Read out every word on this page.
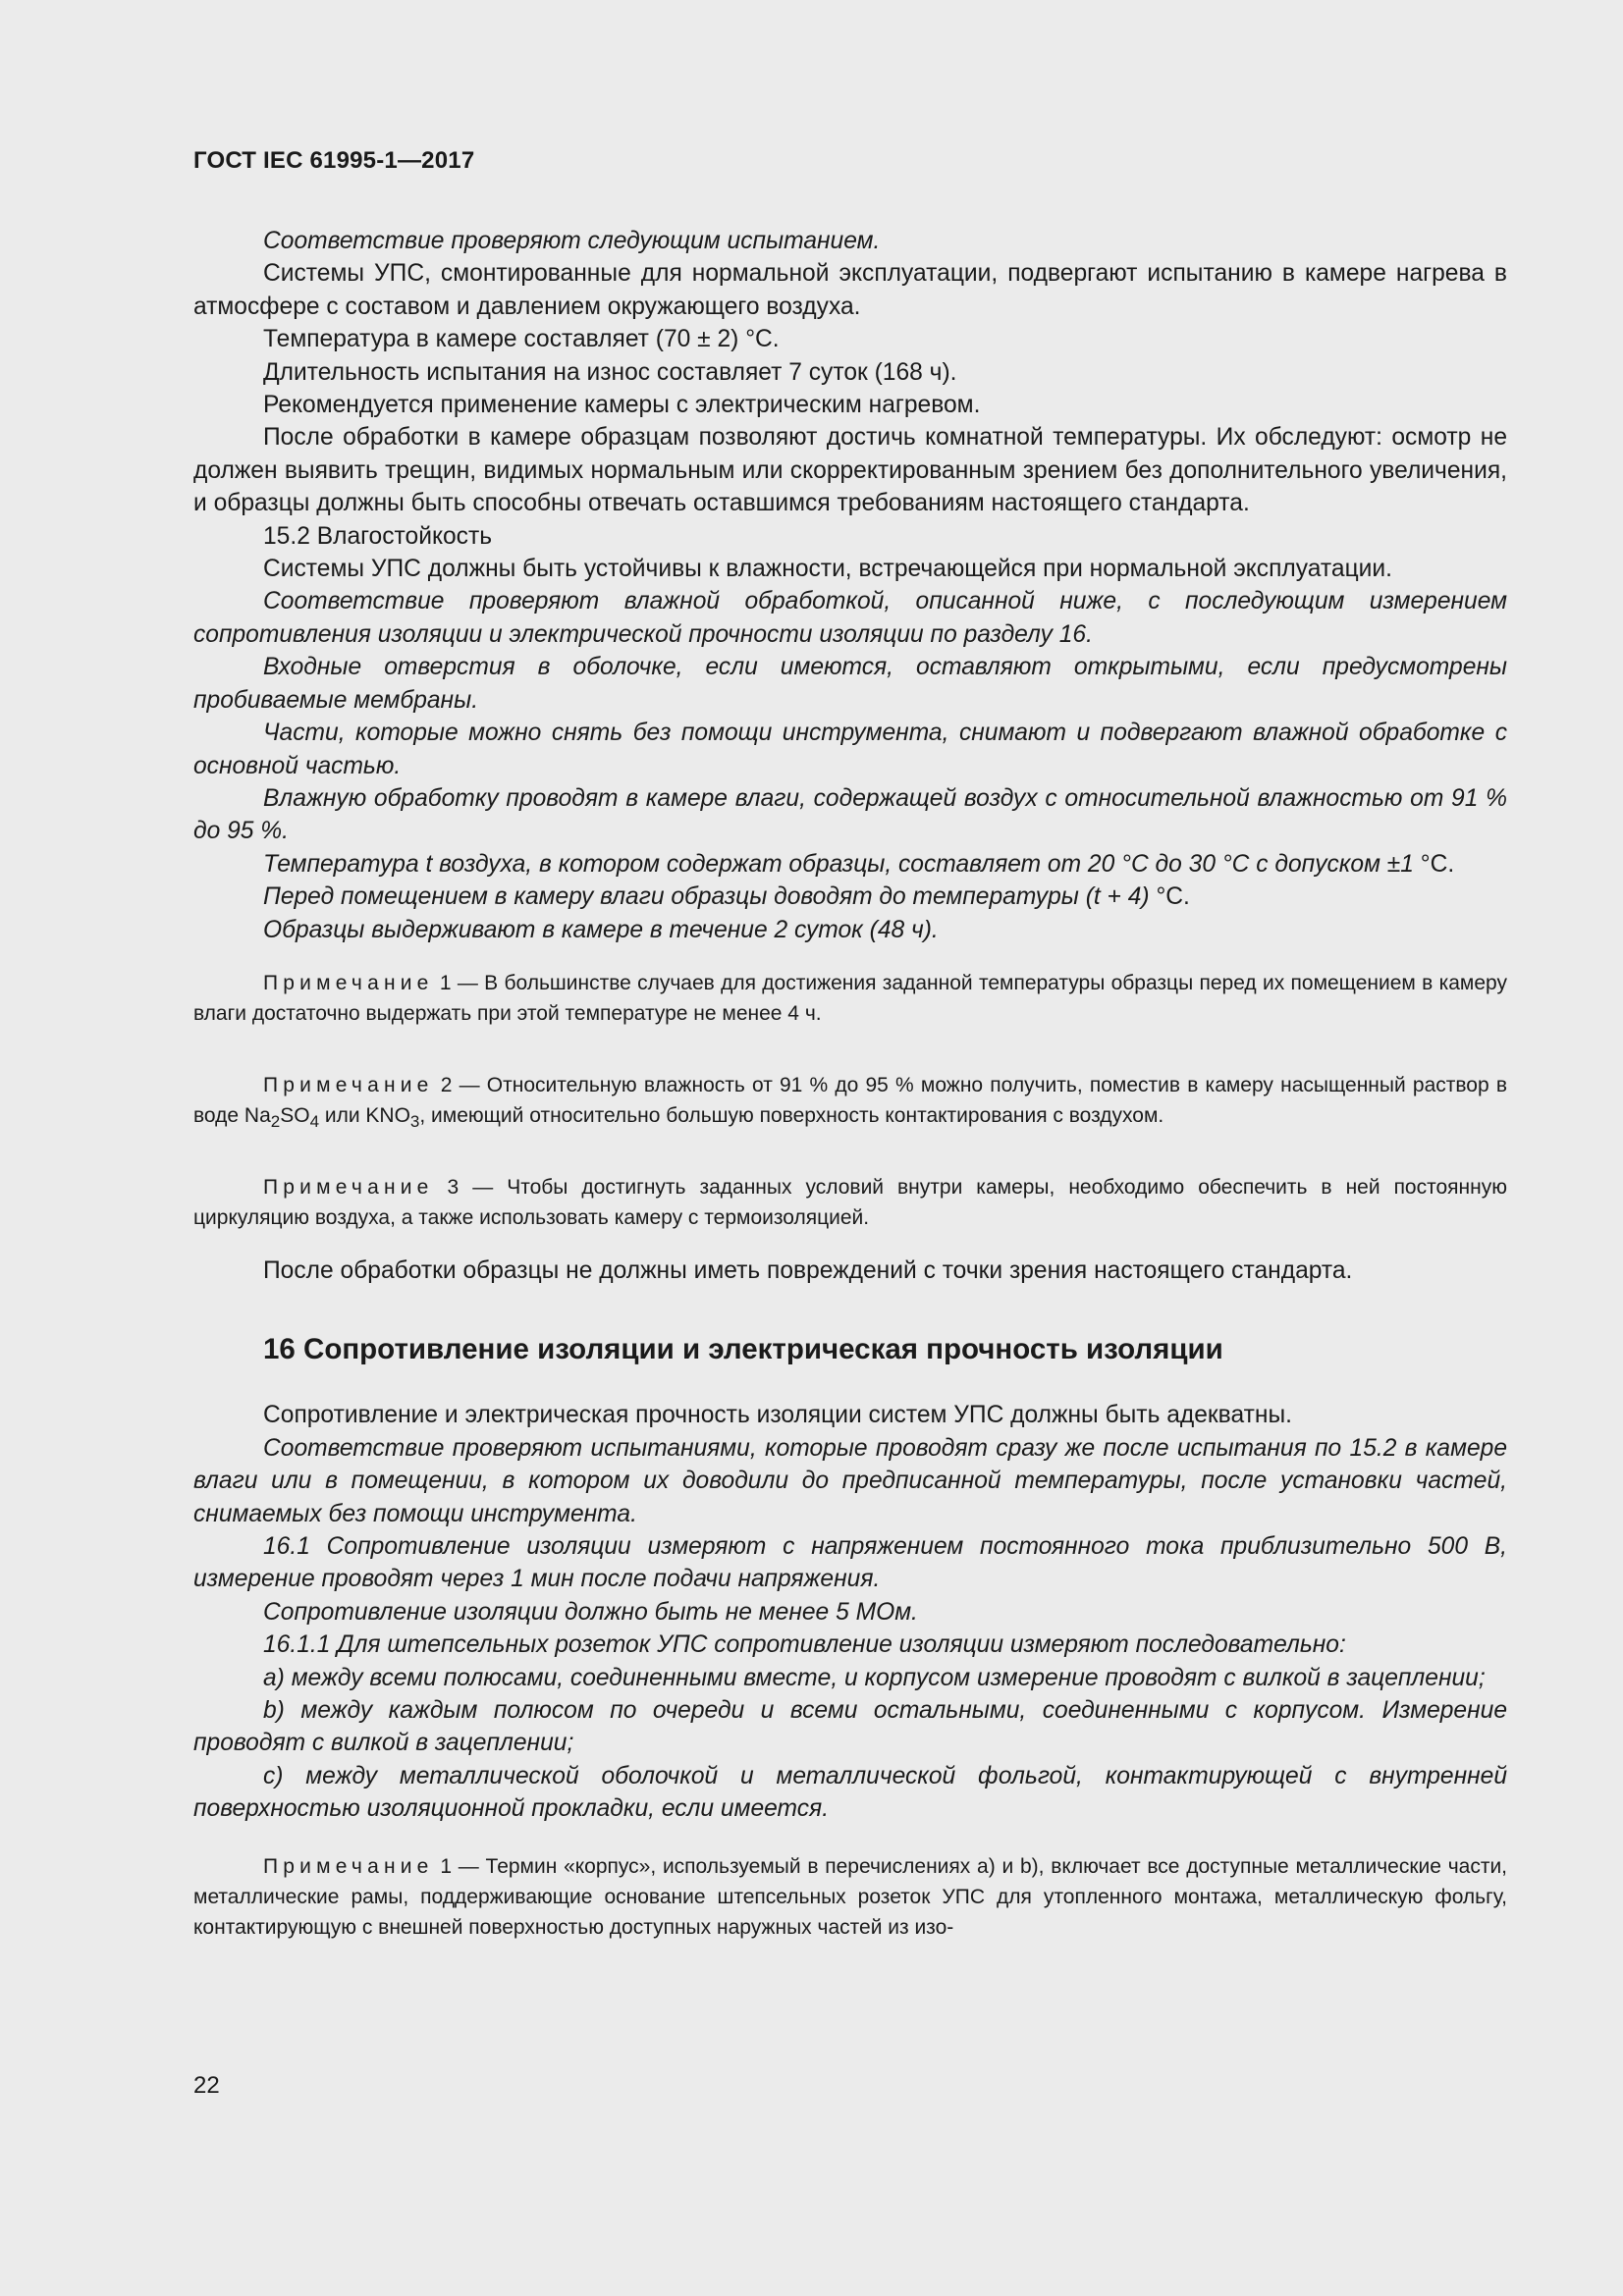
ГОСТ IEC 61995-1—2017

Соответствие проверяют следующим испытанием.

Системы УПС, смонтированные для нормальной эксплуатации, подвергают испытанию в камере нагрева в атмосфере с составом и давлением окружающего воздуха.

Температура в камере составляет (70 ± 2) °С.

Длительность испытания на износ составляет 7 суток (168 ч).

Рекомендуется применение камеры с электрическим нагревом.

После обработки в камере образцам позволяют достичь комнатной температуры. Их обследуют: осмотр не должен выявить трещин, видимых нормальным или скорректированным зрением без дополнительного увеличения, и образцы должны быть способны отвечать оставшимся требованиям настоящего стандарта.

15.2 Влагостойкость

Системы УПС должны быть устойчивы к влажности, встречающейся при нормальной эксплуатации.

Соответствие проверяют влажной обработкой, описанной ниже, с последующим измерением сопротивления изоляции и электрической прочности изоляции по разделу 16.

Входные отверстия в оболочке, если имеются, оставляют открытыми, если предусмотрены пробиваемые мембраны.

Части, которые можно снять без помощи инструмента, снимают и подвергают влажной обработке с основной частью.

Влажную обработку проводят в камере влаги, содержащей воздух с относительной влажностью от 91 % до 95 %.

Температура t воздуха, в котором содержат образцы, составляет от 20 °С до 30 °С с допуском ±1 °С.

Перед помещением в камеру влаги образцы доводят до температуры (t + 4) °С.

Образцы выдерживают в камере в течение 2 суток (48 ч).

Примечание 1 — В большинстве случаев для достижения заданной температуры образцы перед их помещением в камеру влаги достаточно выдержать при этой температуре не менее 4 ч.

Примечание 2 — Относительную влажность от 91 % до 95 % можно получить, поместив в камеру насыщенный раствор в воде $Na_2SO_4$ или $KNO_3$, имеющий относительно большую поверхность контактирования с воздухом.

Примечание 3 — Чтобы достигнуть заданных условий внутри камеры, необходимо обеспечить в ней постоянную циркуляцию воздуха, а также использовать камеру с термоизоляцией.

После обработки образцы не должны иметь повреждений с точки зрения настоящего стандарта.

16 Сопротивление изоляции и электрическая прочность изоляции

Сопротивление и электрическая прочность изоляции систем УПС должны быть адекватны.

Соответствие проверяют испытаниями, которые проводят сразу же после испытания по 15.2 в камере влаги или в помещении, в котором их доводили до предписанной температуры, после установки частей, снимаемых без помощи инструмента.

16.1 Сопротивление изоляции измеряют с напряжением постоянного тока приблизительно 500 В, измерение проводят через 1 мин после подачи напряжения.

Сопротивление изоляции должно быть не менее 5 МОм.

16.1.1 Для штепсельных розеток УПС сопротивление изоляции измеряют последовательно:

a) между всеми полюсами, соединенными вместе, и корпусом измерение проводят с вилкой в зацеплении;

b) между каждым полюсом по очереди и всеми остальными, соединенными с корпусом. Измерение проводят с вилкой в зацеплении;

c) между металлической оболочкой и металлической фольгой, контактирующей с внутренней поверхностью изоляционной прокладки, если имеется.

Примечание 1 — Термин «корпус», используемый в перечислениях а) и b), включает все доступные металлические части, металлические рамы, поддерживающие основание штепсельных розеток УПС для утопленного монтажа, металлическую фольгу, контактирующую с внешней поверхностью доступных наружных частей из изо-

22
